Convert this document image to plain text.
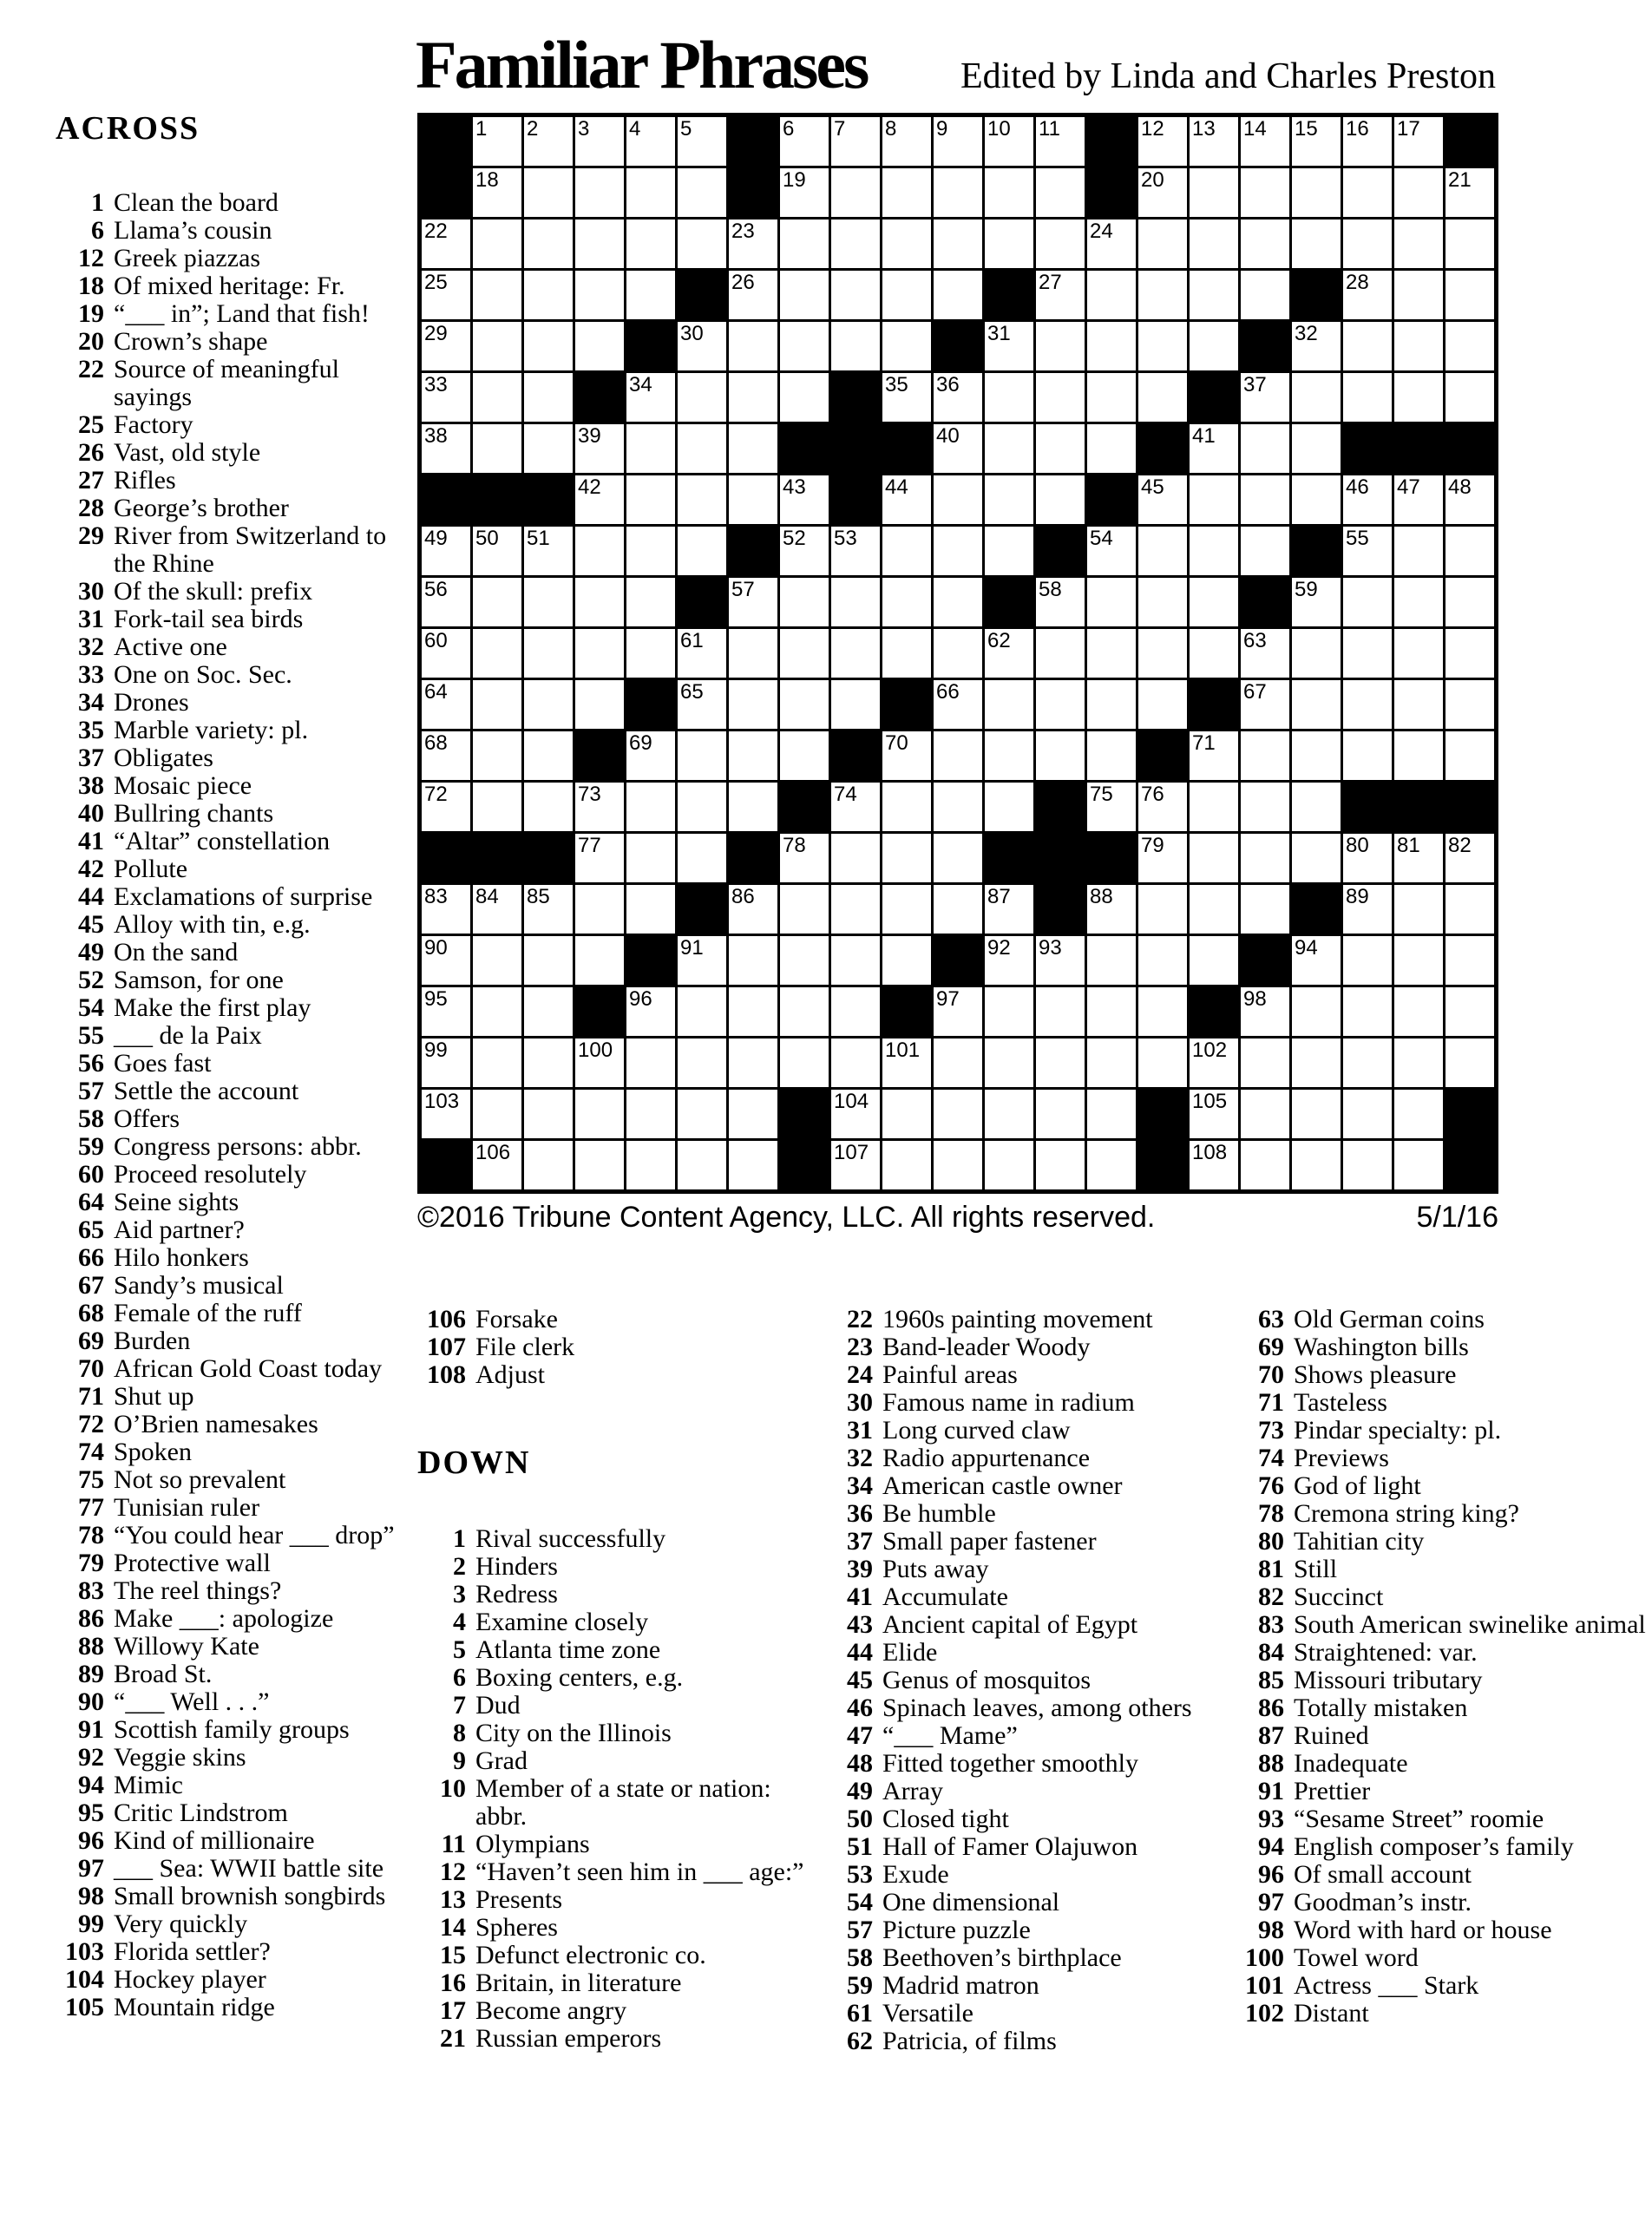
Familiar Phrases	Edited by Linda and Charles Preston
ACROSS
1 Clean the board
6 Llama’s cousin
12 Greek piazzas
18 Of mixed heritage: Fr.
19 “___ in”; Land that fish!
20 Crown’s shape
22 Source of meaningful sayings
25 Factory
26 Vast, old style
27 Rifles
28 George’s brother
29 River from Switzerland to the Rhine
30 Of the skull: prefix
31 Fork-tail sea birds
32 Active one
33 One on Soc. Sec.
34 Drones
35 Marble variety: pl.
37 Obligates
38 Mosaic piece
40 Bullring chants
41 “Altar” constellation
42 Pollute
44 Exclamations of surprise
45 Alloy with tin, e.g.
49 On the sand
52 Samson, for one
54 Make the first play
55 ___ de la Paix
56 Goes fast
57 Settle the account
58 Offers
59 Congress persons: abbr.
60 Proceed resolutely
64 Seine sights
65 Aid partner?
66 Hilo honkers
67 Sandy’s musical
68 Female of the ruff
69 Burden
70 African Gold Coast today
71 Shut up
72 O’Brien namesakes
74 Spoken
75 Not so prevalent
77 Tunisian ruler
78 “You could hear ___ drop”
79 Protective wall
83 The reel things?
86 Make ___: apologize
88 Willowy Kate
89 Broad St.
90 “___ Well . . .”
91 Scottish family groups
92 Veggie skins
94 Mimic
95 Critic Lindstrom
96 Kind of millionaire
97 ___ Sea: WWII battle site
98 Small brownish songbirds
99 Very quickly
103 Florida settler?
104 Hockey player
105 Mountain ridge
1 2 3 4 5	6 7 8 9 10 11	12 13 14 15 16 17
18	19	20	21
22	23	24
25	26	27	28
29	30	31	32
33	34	35 36	37
38	39	40	41
42	43	44	45	46 47 48
49 50 51	52 53	54	55
56	57	58	59
60	61	62	63
64	65	66	67
68	69	70	71
72	73	74	75 76
77	78	79	80 81 82
83 84 85	86	87	88	89
90	91	92 93	94
95	96	97	98
99	100	101	102
103	104	105
106	107	108
©2016 Tribune Content Agency, LLC. All rights reserved.	5/1/16
106 Forsake
107 File clerk
108 Adjust
DOWN
1 Rival successfully
2 Hinders
3 Redress
4 Examine closely
5 Atlanta time zone
6 Boxing centers, e.g.
7 Dud
8 City on the Illinois
9 Grad
10 Member of a state or nation: abbr.
11 Olympians
12 “Haven’t seen him in ___ age:”
13 Presents
14 Spheres
15 Defunct electronic co.
16 Britain, in literature
17 Become angry
21 Russian emperors
22 1960s painting movement
23 Band-leader Woody
24 Painful areas
30 Famous name in radium
31 Long curved claw
32 Radio appurtenance
34 American castle owner
36 Be humble
37 Small paper fastener
39 Puts away
41 Accumulate
43 Ancient capital of Egypt
44 Elide
45 Genus of mosquitos
46 Spinach leaves, among others
47 “___ Mame”
48 Fitted together smoothly
49 Array
50 Closed tight
51 Hall of Famer Olajuwon
53 Exude
54 One dimensional
57 Picture puzzle
58 Beethoven’s birthplace
59 Madrid matron
61 Versatile
62 Patricia, of films
63 Old German coins
69 Washington bills
70 Shows pleasure
71 Tasteless
73 Pindar specialty: pl.
74 Previews
76 God of light
78 Cremona string king?
80 Tahitian city
81 Still
82 Succinct
83 South American swinelike animal
84 Straightened: var.
85 Missouri tributary
86 Totally mistaken
87 Ruined
88 Inadequate
91 Prettier
93 “Sesame Street” roomie
94 English composer’s family
96 Of small account
97 Goodman’s instr.
98 Word with hard or house
100 Towel word
101 Actress ___ Stark
102 Distant
